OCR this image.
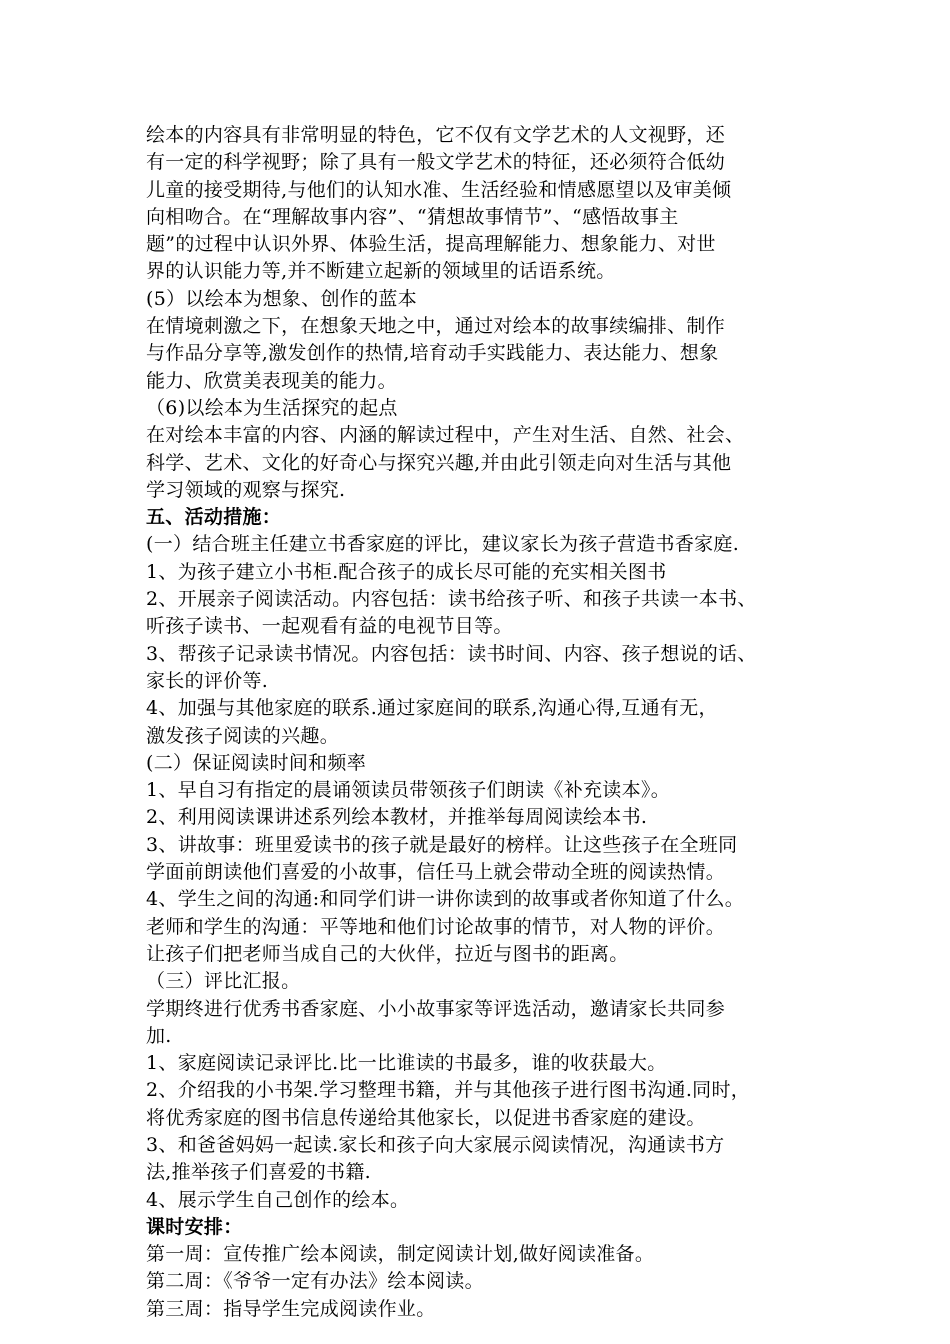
绘本的内容具有非常明显的特色，它不仅有文学艺术的人文视野，还
有一定的科学视野；除了具有一般文学艺术的特征，还必须符合低幼
儿童的接受期待,与他们的认知水准、生活经验和情感愿望以及审美倾
向相吻合。在“理解故事内容”、“猜想故事情节”、“感悟故事主
题”的过程中认识外界、体验生活，提高理解能力、想象能力、对世
界的认识能力等,并不断建立起新的领域里的话语系统。
(5）以绘本为想象、创作的蓝本
在情境刺激之下，在想象天地之中，通过对绘本的故事续编排、制作
与作品分享等,激发创作的热情,培育动手实践能力、表达能力、想象
能力、欣赏美表现美的能力。
（6)以绘本为生活探究的起点
在对绘本丰富的内容、内涵的解读过程中，产生对生活、自然、社会、
科学、艺术、文化的好奇心与探究兴趣,并由此引领走向对生活与其他
学习领域的观察与探究.
五、活动措施：
(一）结合班主任建立书香家庭的评比，建议家长为孩子营造书香家庭.
1、为孩子建立小书柜.配合孩子的成长尽可能的充实相关图书
2、开展亲子阅读活动。内容包括：读书给孩子听、和孩子共读一本书、
听孩子读书、一起观看有益的电视节目等。
3、帮孩子记录读书情况。内容包括：读书时间、内容、孩子想说的话、
家长的评价等.
4、加强与其他家庭的联系.通过家庭间的联系,沟通心得,互通有无，
激发孩子阅读的兴趣。
(二）保证阅读时间和频率
1、早自习有指定的晨诵领读员带领孩子们朗读《补充读本》。
2、利用阅读课讲述系列绘本教材，并推举每周阅读绘本书.
3、讲故事：班里爱读书的孩子就是最好的榜样。让这些孩子在全班同
学面前朗读他们喜爱的小故事，信任马上就会带动全班的阅读热情。
4、学生之间的沟通:和同学们讲一讲你读到的故事或者你知道了什么。
老师和学生的沟通：平等地和他们讨论故事的情节，对人物的评价。
让孩子们把老师当成自己的大伙伴，拉近与图书的距离。
（三）评比汇报。
学期终进行优秀书香家庭、小小故事家等评选活动，邀请家长共同参
加.
1、家庭阅读记录评比.比一比谁读的书最多，谁的收获最大。
2、介绍我的小书架.学习整理书籍，并与其他孩子进行图书沟通.同时，
将优秀家庭的图书信息传递给其他家长，以促进书香家庭的建设。
3、和爸爸妈妈一起读.家长和孩子向大家展示阅读情况，沟通读书方
法,推举孩子们喜爱的书籍.
4、展示学生自己创作的绘本。
课时安排：
第一周：宣传推广绘本阅读，制定阅读计划,做好阅读准备。
第二周：《爷爷一定有办法》绘本阅读。
第三周：指导学生完成阅读作业。
